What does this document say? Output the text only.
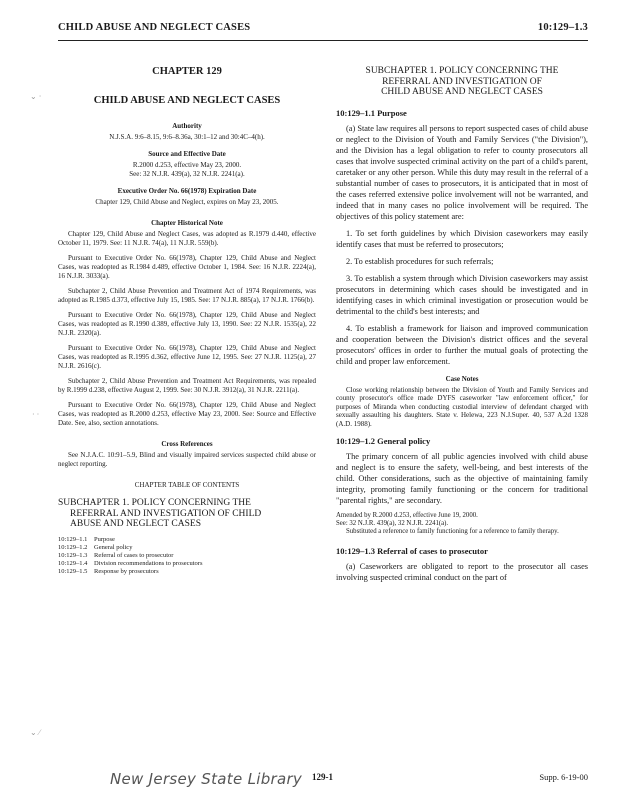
CHILD ABUSE AND NEGLECT CASES	10:129–1.3
⌄ ·
· ·
⌄ ⁄

CHAPTER 129

CHILD ABUSE AND NEGLECT CASES

Authority

N.J.S.A. 9:6–8.15, 9:6–8.36a, 30:1–12 and 30:4C–4(h).

Source and Effective Date

R.2000 d.253, effective May 23, 2000.

See: 32 N.J.R. 439(a), 32 N.J.R. 2241(a).

Executive Order No. 66(1978) Expiration Date

Chapter 129, Child Abuse and Neglect, expires on May 23, 2005.

Chapter Historical Note

Chapter 129, Child Abuse and Neglect Cases, was adopted as R.1979 d.440, effective October 11, 1979. See: 11 N.J.R. 74(a), 11 N.J.R. 559(b).

Pursuant to Executive Order No. 66(1978), Chapter 129, Child Abuse and Neglect Cases, was readopted as R.1984 d.489, effective October 1, 1984. See: 16 N.J.R. 2224(a), 16 N.J.R. 3033(a).

Subchapter 2, Child Abuse Prevention and Treatment Act of 1974 Requirements, was adopted as R.1985 d.373, effective July 15, 1985. See: 17 N.J.R. 885(a), 17 N.J.R. 1766(b).

Pursuant to Executive Order No. 66(1978), Chapter 129, Child Abuse and Neglect Cases, was readopted as R.1990 d.389, effective July 13, 1990. See: 22 N.J.R. 1535(a), 22 N.J.R. 2320(a).

Pursuant to Executive Order No. 66(1978), Chapter 129, Child Abuse and Neglect Cases, was readopted as R.1995 d.362, effective June 12, 1995. See: 27 N.J.R. 1125(a), 27 N.J.R. 2616(c).

Subchapter 2, Child Abuse Prevention and Treatment Act Requirements, was repealed by R.1999 d.238, effective August 2, 1999. See: 30 N.J.R. 3912(a), 31 N.J.R. 2211(a).

Pursuant to Executive Order No. 66(1978), Chapter 129, Child Abuse and Neglect Cases, was readopted as R.2000 d.253, effective May 23, 2000. See: Source and Effective Date. See, also, section annotations.

Cross References

See N.J.A.C. 10:91–5.9, Blind and visually impaired services suspected child abuse or neglect reporting.

CHAPTER TABLE OF CONTENTS
SUBCHAPTER 1. POLICY CONCERNING THE
REFERRAL AND INVESTIGATION OF CHILD
ABUSE AND NEGLECT CASES
10:129–1.1	Purpose
10:129–1.2	General policy
10:129–1.3	Referral of cases to prosecutor
10:129–1.4	Division recommendations to prosecutors
10:129–1.5	Response by prosecutors
SUBCHAPTER 1. POLICY CONCERNING THE
REFERRAL AND INVESTIGATION OF
CHILD ABUSE AND NEGLECT CASES
10:129–1.1 Purpose

(a) State law requires all persons to report suspected cases of child abuse or neglect to the Division of Youth and Family Services ("the Division"), and the Division has a legal obligation to refer to county prosecutors all cases that involve suspected criminal activity on the part of a child's parent, caretaker or any other person. While this duty may result in the referral of a substantial number of cases to prosecutors, it is anticipated that in most of the cases referred extensive police involvement will not be warranted, and indeed that in many cases no police involvement will be required. The objectives of this policy statement are:

1. To set forth guidelines by which Division caseworkers may easily identify cases that must be referred to prosecutors;

2. To establish procedures for such referrals;

3. To establish a system through which Division caseworkers may assist prosecutors in determining which cases should be investigated and in identifying cases in which criminal investigation or prosecution would be detrimental to the child's best interests; and

4. To establish a framework for liaison and improved communication and cooperation between the Division's district offices and the several prosecutors' offices in order to further the mutual goals of protecting the child and proper law enforcement.

Case Notes

Close working relationship between the Division of Youth and Family Services and county prosecutor's office made DYFS caseworker "law enforcement officer," for purposes of Miranda when conducting custodial interview of defendant charged with sexually assaulting his daughters. State v. Helewa, 223 N.J.Super. 40, 537 A.2d 1328 (A.D. 1988).

10:129–1.2 General policy

The primary concern of all public agencies involved with child abuse and neglect is to ensure the safety, well-being, and best interests of the child. Other considerations, such as the objective of maintaining family integrity, promoting family functioning or the concern for traditional "parental rights," are secondary.

Amended by R.2000 d.253, effective June 19, 2000.

See: 32 N.J.R. 439(a), 32 N.J.R. 2241(a).

Substituted a reference to family functioning for a reference to family therapy.

10:129–1.3 Referral of cases to prosecutor

(a) Caseworkers are obligated to report to the prosecutor all cases involving suspected criminal conduct on the part of

New Jersey State Library 129-1	Supp. 6-19-00
